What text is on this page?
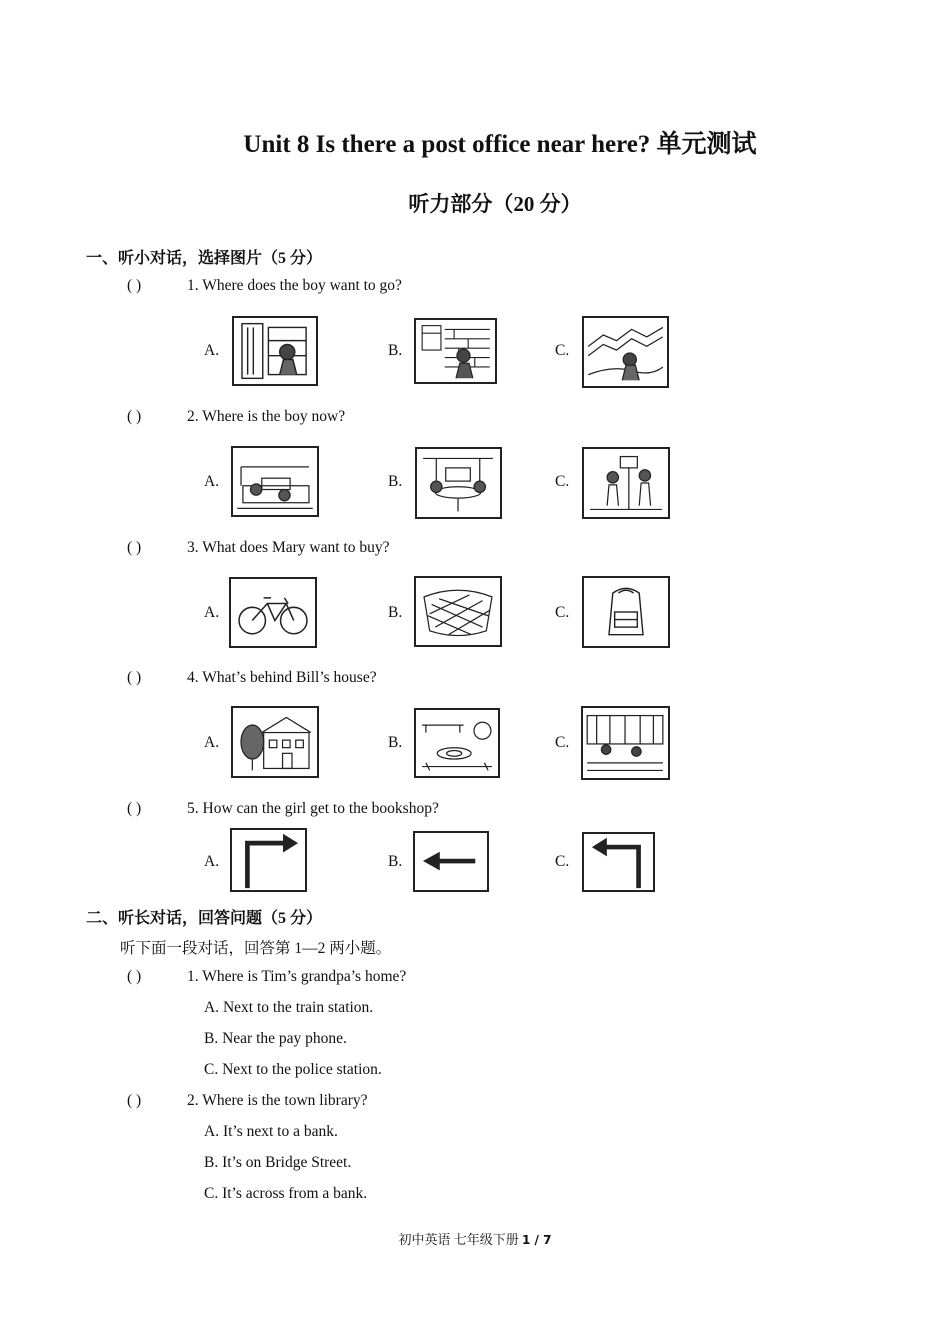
Unit 8 Is there a post office near here? 单元测试
听力部分（20 分）
一、听小对话，选择图片（5 分）
( )	1. Where does the boy want to go?
A.	B.	C.
( )	2. Where is the boy now?
A.	B.	C.
( )	3. What does Mary want to buy?
A.	B.	C.
( )	4. What’s behind Bill’s house?
A.	B.	C.
( )	5. How can the girl get to the bookshop?
A.	B.	C.
二、听长对话，回答问题（5 分）
听下面一段对话，回答第 1—2 两小题。
( )	1. Where is Tim’s grandpa’s home?
A. Next to the train station.
B. Near the pay phone.
C. Next to the police station.
( )	2. Where is the town library?
A. It’s next to a bank.
B. It’s on Bridge Street.
C. It’s across from a bank.
初中英语 七年级下册 1 / 7
